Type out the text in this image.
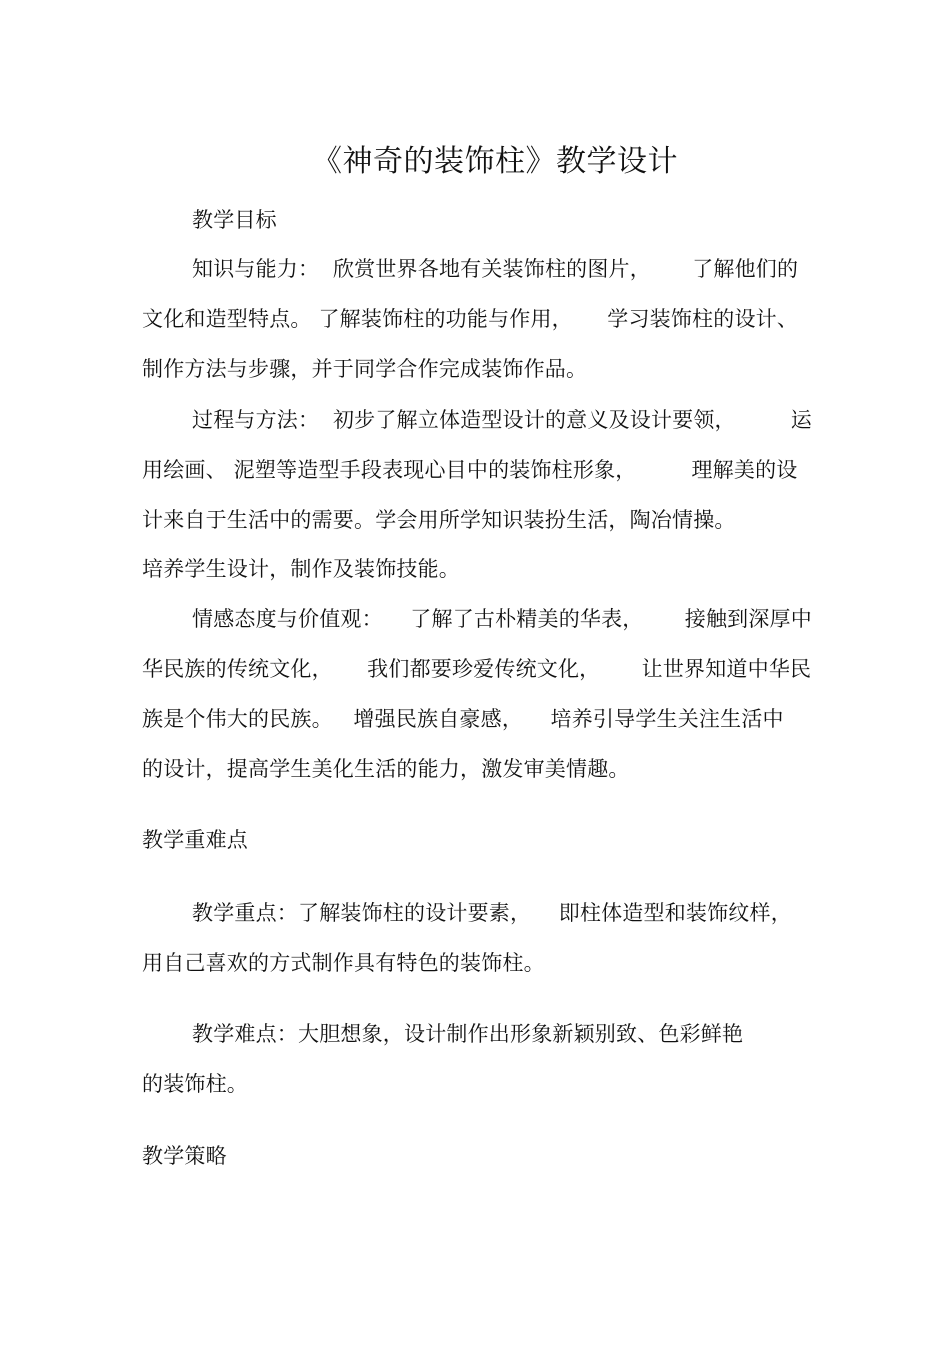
《神奇的装饰柱》教学设计
教学目标
知识与能力：  欣赏世界各地有关装饰柱的图片，      了解他们的
文化和造型特点。 了解装饰柱的功能与作用，     学习装饰柱的设计、
制作方法与步骤，并于同学合作完成装饰作品。
过程与方法：  初步了解立体造型设计的意义及设计要领，        运
用绘画、 泥塑等造型手段表现心目中的装饰柱形象，        理解美的设
计来自于生活中的需要。学会用所学知识装扮生活，陶冶情操。
培养学生设计，制作及装饰技能。
情感态度与价值观：    了解了古朴精美的华表，      接触到深厚中
华民族的传统文化，     我们都要珍爱传统文化，      让世界知道中华民
族是个伟大的民族。   增强民族自豪感，    培养引导学生关注生活中
的设计，提高学生美化生活的能力，激发审美情趣。
教学重难点
教学重点：了解装饰柱的设计要素，    即柱体造型和装饰纹样，
用自己喜欢的方式制作具有特色的装饰柱。
教学难点：大胆想象，设计制作出形象新颖别致、色彩鲜艳
的装饰柱。
教学策略
